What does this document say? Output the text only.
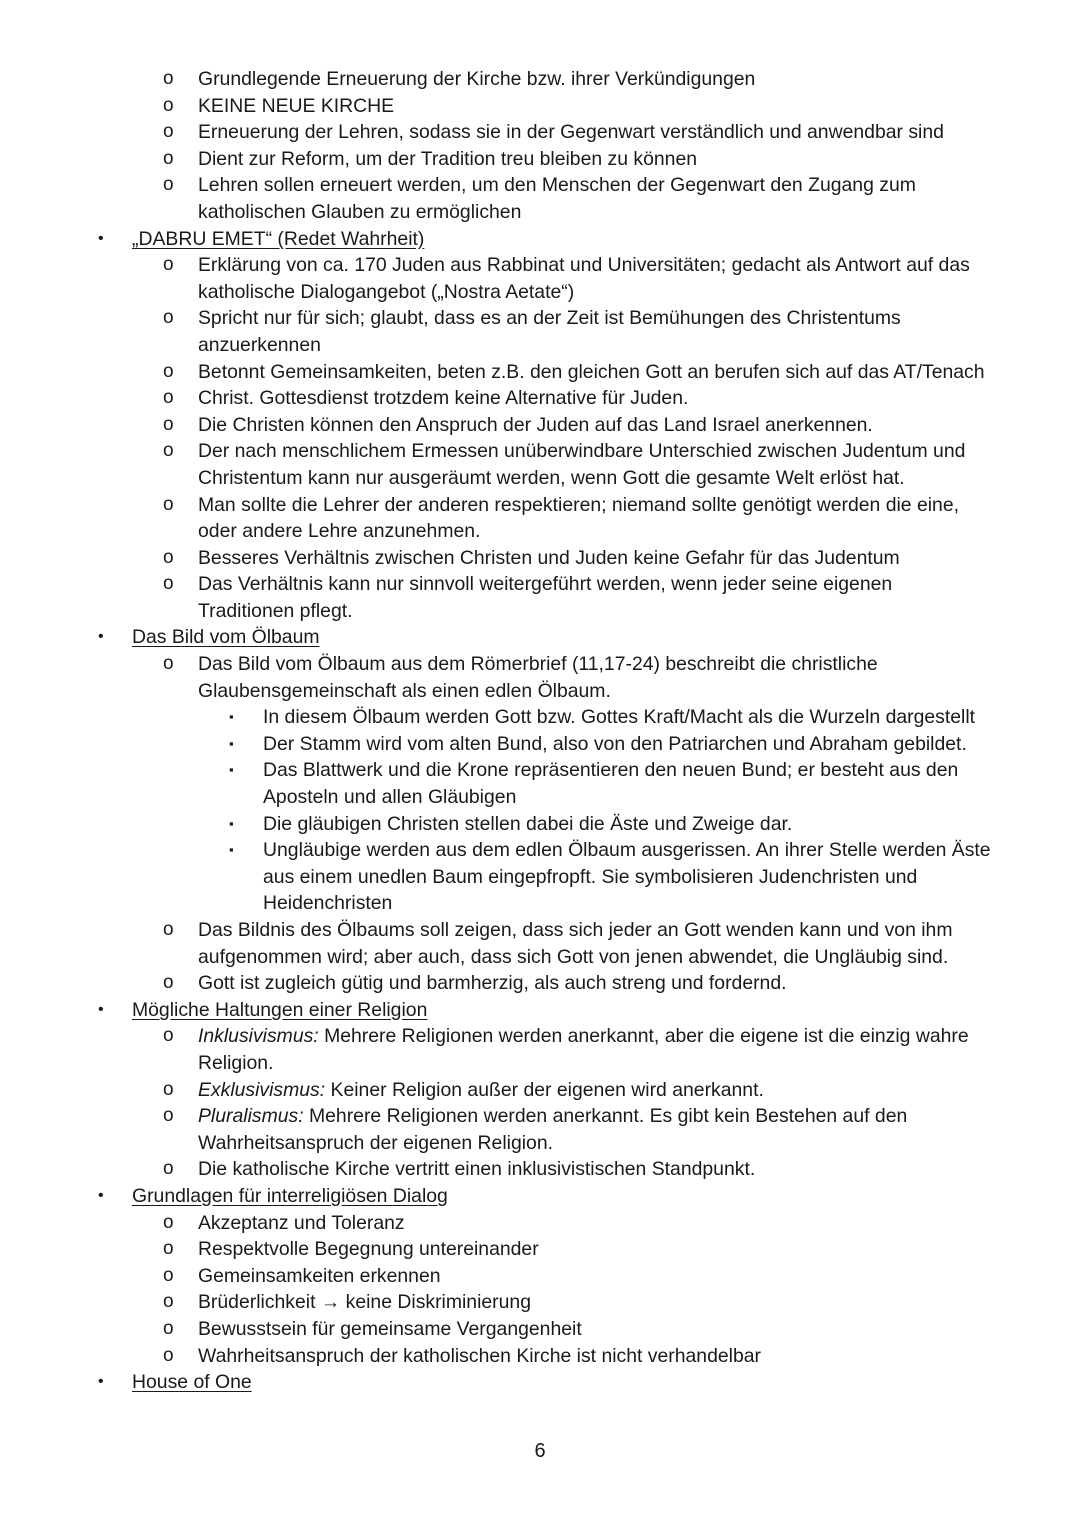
o Grundlegende Erneuerung der Kirche bzw. ihrer Verkündigungen
o KEINE NEUE KIRCHE
o Erneuerung der Lehren, sodass sie in der Gegenwart verständlich und anwendbar sind
o Dient zur Reform, um der Tradition treu bleiben zu können
o Lehren sollen erneuert werden, um den Menschen der Gegenwart den Zugang zum
katholischen Glauben zu ermöglichen
• „DABRU EMET“ (Redet Wahrheit)
o Erklärung von ca. 170 Juden aus Rabbinat und Universitäten; gedacht als Antwort auf das
katholische Dialogangebot („Nostra Aetate“)
o Spricht nur für sich; glaubt, dass es an der Zeit ist Bemühungen des Christentums
anzuerkennen
o Betonnt Gemeinsamkeiten, beten z.B. den gleichen Gott an berufen sich auf das AT/Tenach
o Christ. Gottesdienst trotzdem keine Alternative für Juden.
o Die Christen können den Anspruch der Juden auf das Land Israel anerkennen.
o Der nach menschlichem Ermessen unüberwindbare Unterschied zwischen Judentum und
Christentum kann nur ausgeräumt werden, wenn Gott die gesamte Welt erlöst hat.
o Man sollte die Lehrer der anderen respektieren; niemand sollte genötigt werden die eine,
oder andere Lehre anzunehmen.
o Besseres Verhältnis zwischen Christen und Juden keine Gefahr für das Judentum
o Das Verhältnis kann nur sinnvoll weitergeführt werden, wenn jeder seine eigenen
Traditionen pflegt.
• Das Bild vom Ölbaum
o Das Bild vom Ölbaum aus dem Römerbrief (11,17-24) beschreibt die christliche
Glaubensgemeinschaft als einen edlen Ölbaum.
▪ In diesem Ölbaum werden Gott bzw. Gottes Kraft/Macht als die Wurzeln dargestellt
▪ Der Stamm wird vom alten Bund, also von den Patriarchen und Abraham gebildet.
▪ Das Blattwerk und die Krone repräsentieren den neuen Bund; er besteht aus den
Aposteln und allen Gläubigen
▪ Die gläubigen Christen stellen dabei die Äste und Zweige dar.
▪ Ungläubige werden aus dem edlen Ölbaum ausgerissen. An ihrer Stelle werden Äste
aus einem unedlen Baum eingepfropft. Sie symbolisieren Judenchristen und
Heidenchristen
o Das Bildnis des Ölbaums soll zeigen, dass sich jeder an Gott wenden kann und von ihm
aufgenommen wird; aber auch, dass sich Gott von jenen abwendet, die Ungläubig sind.
o Gott ist zugleich gütig und barmherzig, als auch streng und fordernd.
• Mögliche Haltungen einer Religion
o Inklusivismus: Mehrere Religionen werden anerkannt, aber die eigene ist die einzig wahre
Religion.
o Exklusivismus: Keiner Religion außer der eigenen wird anerkannt.
o Pluralismus: Mehrere Religionen werden anerkannt. Es gibt kein Bestehen auf den
Wahrheitsanspruch der eigenen Religion.
o Die katholische Kirche vertritt einen inklusivistischen Standpunkt.
• Grundlagen für interreligiösen Dialog
o Akzeptanz und Toleranz
o Respektvolle Begegnung untereinander
o Gemeinsamkeiten erkennen
o Brüderlichkeit → keine Diskriminierung
o Bewusstsein für gemeinsame Vergangenheit
o Wahrheitsanspruch der katholischen Kirche ist nicht verhandelbar
• House of One
6
